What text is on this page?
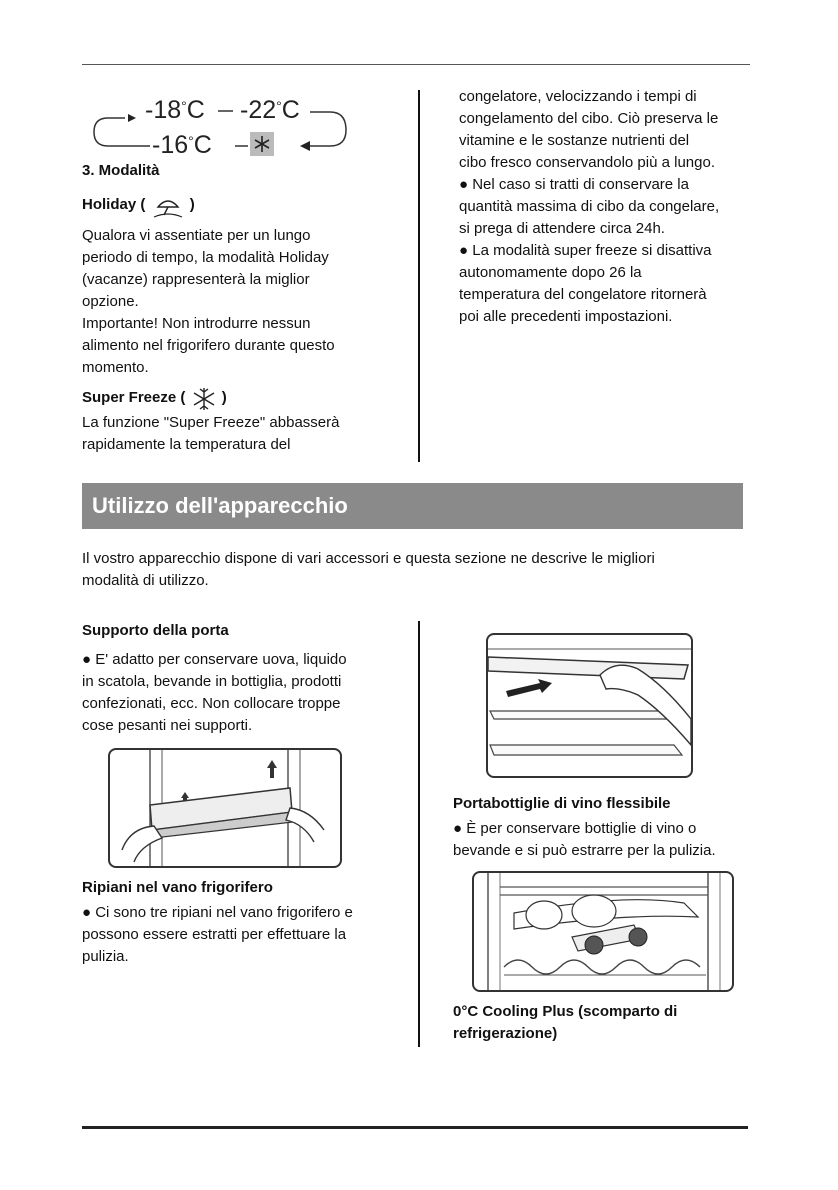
-18°C -22°C
-16°C
3. Modalità
Holiday (	)
Qualora vi assentiate per un lungo
periodo di tempo, la modalità Holiday
(vacanze) rappresenterà la miglior
opzione.
Importante! Non introdurre nessun
alimento nel frigorifero durante questo
momento.
Super Freeze ( )
La funzione "Super Freeze" abbasserà
rapidamente la temperatura del
congelatore, velocizzando i tempi di
congelamento del cibo. Ciò preserva le
vitamine e le sostanze nutrienti del
cibo fresco conservandolo più a lungo.
● Nel caso si tratti di conservare la
quantità massima di cibo da congelare,
si prega di attendere circa 24h.
● La modalità super freeze si disattiva
autonomamente dopo 26 la
temperatura del congelatore ritornerà
poi alle precedenti impostazioni.
Utilizzo dell'apparecchio
Il vostro apparecchio dispone di vari accessori e questa sezione ne descrive le migliori
modalità di utilizzo.
Supporto della porta
● E' adatto per conservare uova, liquido
in scatola, bevande in bottiglia, prodotti
confezionati, ecc. Non collocare troppe
cose pesanti nei supporti.
Ripiani nel vano frigorifero
● Ci sono tre ripiani nel vano frigorifero e
possono essere estratti per effettuare la
pulizia.
Portabottiglie di vino flessibile
● È per conservare bottiglie di vino o
bevande e si può estrarre per la pulizia.
0°C Cooling Plus (scomparto di
refrigerazione)
